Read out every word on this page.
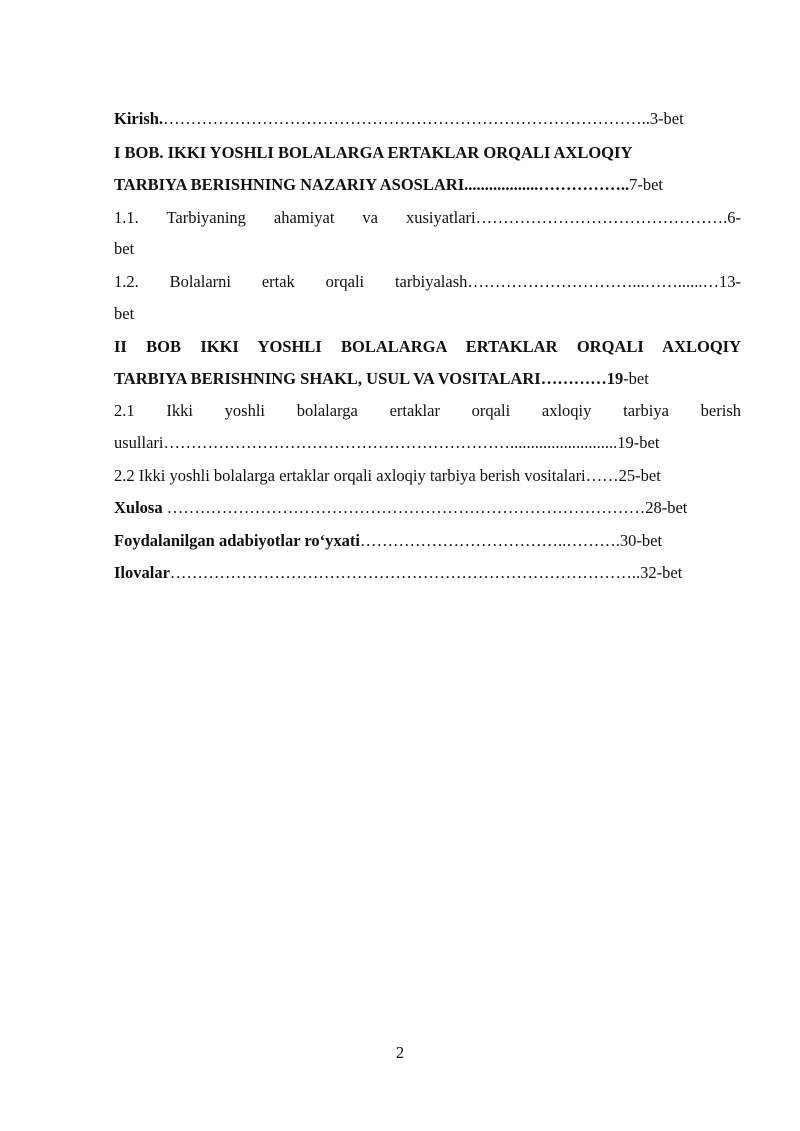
Kirish.……………………………………………………………………………..3-bet
I BOB. IKKI YOSHLI BOLALARGA ERTAKLAR ORQALI AXLOQIY
TARBIYA BERISHNING NAZARIY ASOSLARI..................……………..7-bet
1.1. Tarbiyaning ahamiyat va xusiyatlari……………………………………….6-
bet
1.2. Bolalarni ertak orqali tarbiyalash…………………………...……......…13-
bet
II BOB IKKI YOSHLI BOLALARGA ERTAKLAR ORQALI AXLOQIY
TARBIYA BERISHNING SHAKL, USUL VA VOSITALARI…………19-bet
2.1 Ikki yoshli bolalarga ertaklar orqali axloqiy tarbiya berish
usullari………………………………………………………..........................19-bet
2.2 Ikki yoshli bolalarga ertaklar orqali axloqiy tarbiya berish vositalari……25-bet
Xulosa ……………………………………………………………………………28-bet
Foydalanilgan adabiyotlar ro‘yxati………………………………..……….30-bet
Ilovalar…………………………………………………………………………..32-bet
2
